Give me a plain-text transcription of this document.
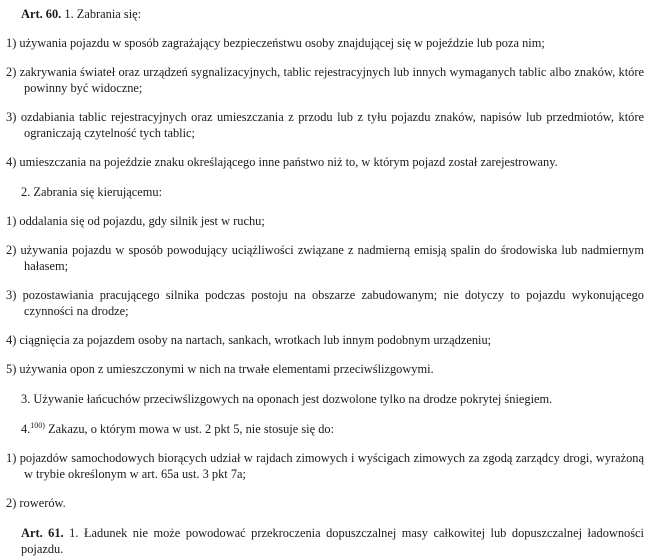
Art. 60. 1. Zabrania się:

1) używania pojazdu w sposób zagrażający bezpieczeństwu osoby znajdującej się w pojeździe lub poza nim;

2) zakrywania świateł oraz urządzeń sygnalizacyjnych, tablic rejestracyjnych lub innych wymaganych tablic albo znaków, które powinny być widoczne;

3) ozdabiania tablic rejestracyjnych oraz umieszczania z przodu lub z tyłu pojazdu znaków, napisów lub przedmiotów, które ograniczają czytelność tych tablic;

4) umieszczania na pojeździe znaku określającego inne państwo niż to, w którym pojazd został zarejestrowany.

2. Zabrania się kierującemu:

1) oddalania się od pojazdu, gdy silnik jest w ruchu;

2) używania pojazdu w sposób powodujący uciążliwości związane z nadmierną emisją spalin do środowiska lub nadmiernym hałasem;

3) pozostawiania pracującego silnika podczas postoju na obszarze zabudowanym; nie dotyczy to pojazdu wykonującego czynności na drodze;

4) ciągnięcia za pojazdem osoby na nartach, sankach, wrotkach lub innym podobnym urządzeniu;

5) używania opon z umieszczonymi w nich na trwałe elementami przeciwślizgowymi.

3. Używanie łańcuchów przeciwślizgowych na oponach jest dozwolone tylko na drodze pokrytej śniegiem.

4.$^{100)}$ Zakazu, o którym mowa w ust. 2 pkt 5, nie stosuje się do:

1) pojazdów samochodowych biorących udział w rajdach zimowych i wyścigach zimowych za zgodą zarządcy drogi, wyrażoną w trybie określonym w art. 65a ust. 3 pkt 7a;

2) rowerów.

Art. 61. 1. Ładunek nie może powodować przekroczenia dopuszczalnej masy całkowitej lub dopuszczalnej ładowności pojazdu.
